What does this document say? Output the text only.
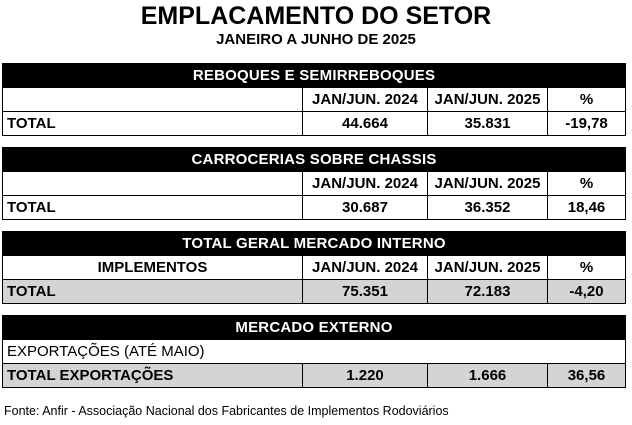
EMPLACAMENTO DO SETOR
JANEIRO A JUNHO DE 2025
REBOQUES E SEMIRREBOQUES			
	JAN/JUN. 2024	JAN/JUN. 2025	%
TOTAL	44.664	35.831	-19,78
CARROCERIAS SOBRE CHASSIS			
	JAN/JUN. 2024	JAN/JUN. 2025	%
TOTAL	30.687	36.352	18,46
TOTAL GERAL MERCADO INTERNO			
IMPLEMENTOS	JAN/JUN. 2024	JAN/JUN. 2025	%
TOTAL	75.351	72.183	-4,20
MERCADO EXTERNO
EXPORTAÇÕES (ATÉ MAIO)
TOTAL EXPORTAÇÕES	1.220	1.666	36,56
Fonte: Anfir - Associação Nacional dos Fabricantes de Implementos Rodoviários
